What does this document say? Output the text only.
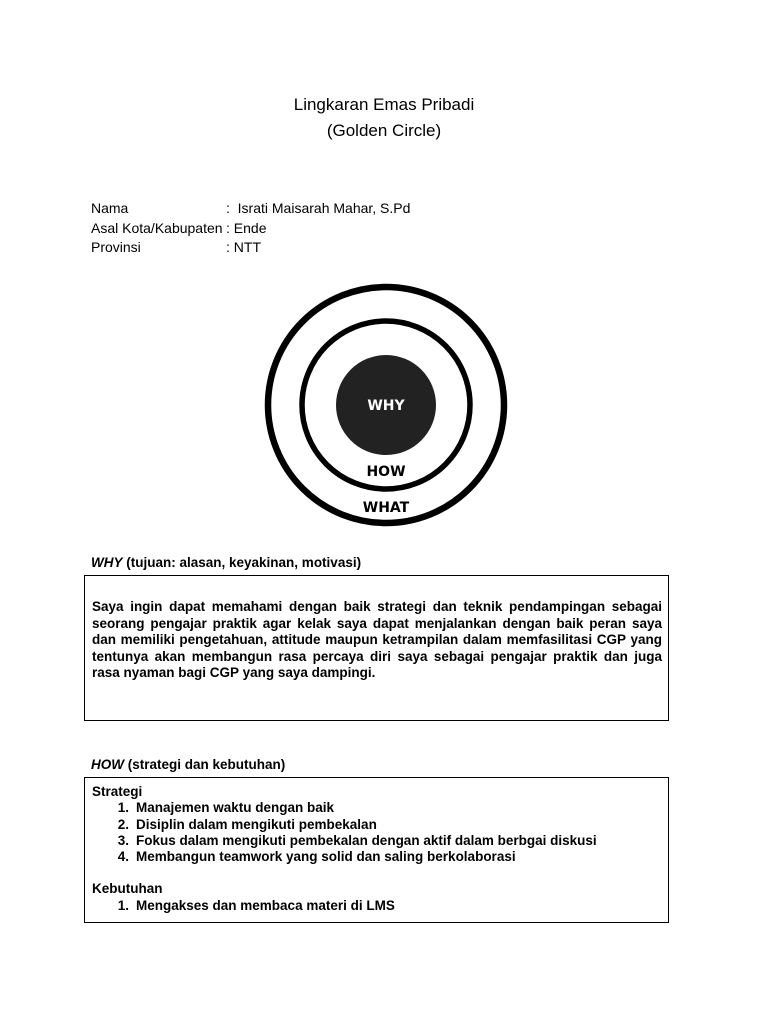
Lingkaran Emas Pribadi
(Golden Circle)
Nama	:  Israti Maisarah Mahar, S.Pd
Asal Kota/Kabupaten : Ende
Provinsi	: NTT
WHY
HOW
WHAT
WHY (tujuan: alasan, keyakinan, motivasi)
Saya ingin dapat memahami dengan baik strategi dan teknik pendampingan sebagai seorang pengajar praktik agar kelak saya dapat menjalankan dengan baik peran saya dan memiliki pengetahuan, attitude maupun ketrampilan dalam memfasilitasi CGP yang tentunya akan membangun rasa percaya diri saya sebagai pengajar praktik dan juga rasa nyaman bagi CGP yang saya dampingi.
HOW (strategi dan kebutuhan)
Strategi
1. Manajemen waktu dengan baik
2. Disiplin dalam mengikuti pembekalan
3. Fokus dalam mengikuti pembekalan dengan aktif dalam berbgai diskusi
4. Membangun teamwork yang solid dan saling berkolaborasi
Kebutuhan
1. Mengakses dan membaca materi di LMS
